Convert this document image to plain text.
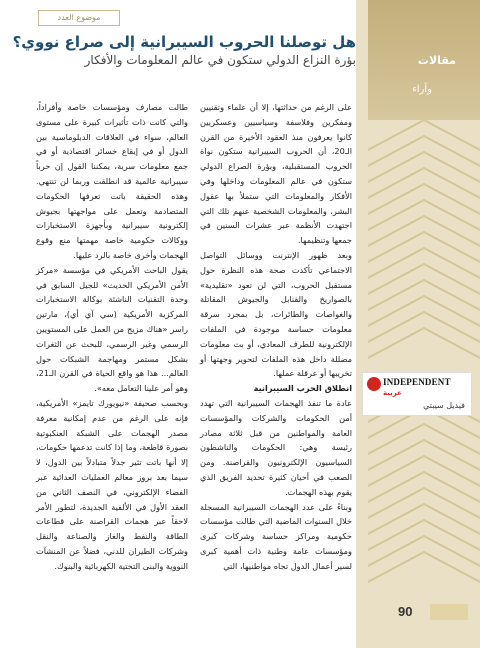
موضوع العدد
مقالات
وآراء
INDEPENDENT
عربية
فيديل سيبتي
هل توصلنا الحروب السيبرانية إلى صراع نووي؟
بؤرة النزاع الدولي ستكون في عالم المعلومات والأفكار

على الرغم من حداثتها، إلا أن علماء وتقنيين ومفكرين وفلاسفة وسياسيين وعسكريين كانوا يعرفون منذ العقود الأخيرة من القرن الـ20، أن الحروب السيبرانية ستكون نواة الحروب المستقبلية، وبؤرة الصراع الدولي ستكون في عالم المعلومات وداخلها وفي الأفكار والمعلومات التي ستملأ بها عقول البشر، والمعلومات الشخصية عنهم تلك التي اجتهدت الأنظمة عبر عشرات السنين في جمعها وتنظيمها.

وبعد ظهور الإنترنت ووسائل التواصل الاجتماعي تأكدت صحة هذه النظرة حول مستقبل الحروب، التي لن تعود «تقليدية» بالصواريخ والقنابل والجيوش المقاتلة والغواصات والطائرات، بل بمجرد سرقة معلومات حساسة موجودة في الملفات الإلكترونية للطرف المعادي، أو بث معلومات مضللة داخل هذه الملفات لتحوير وجهتها أو تخريبها أو عرقلة عملها.

انطلاق الحرب السيبرانية

عادة ما تنفذ الهجمات السيبرانية التي تهدد أمن الحكومات والشركات والمؤسسات العامة والمواطنين من قبل ثلاثة مصادر رئيسة وهي: الحكومات والناشطون السياسيون الإلكترونيون والقراصنة. ومن الصعب في أحيان كثيرة تحديد الفريق الذي يقوم بهذه الهجمات.

وبناءً على عدد الهجمات السيبرانية المسجلة خلال السنوات الماضية التي طالت مؤسسات حكومية ومراكز حساسة وشركات كبرى ومؤسسات عامة وطنية ذات أهمية كبرى لسير أعمال الدول تجاه مواطنيها، التي

طالت مصارف ومؤسسات خاصة وأفراداً، والتي كانت ذات تأثيرات كبيرة على مستوى العالم، سواء في العلاقات الدبلوماسية بين الدول أو في إيقاع خسائر اقتصادية أو في جمع معلومات سرية، يمكننا القول إن حرباً سيبرانية عالمية قد انطلقت وربما لن تنتهي. وهذه الحقيقة باتت تعرفها الحكومات المتصادمة وتعمل على مواجهتها بجيوش إلكترونية سيبرانية وبأجهزة الاستخبارات ووكالات حكومية خاصة مهمتها منع وقوع الهجمات وأخرى خاصة بالرد عليها.

يقول الباحث الأمريكي في مؤسسة «مركز الأمن الأمريكي الحديث» للجيل السابق في وحدة التقنيات الناشئة بوكالة الاستخبارات المركزية الأمريكية (سي آي أي)، مارتين راسر «هناك مزيج من العمل على المستويين الرسمي وغير الرسمي، للبحث عن الثغرات بشكل مستمر ومهاجمة الشبكات حول العالم... هذا هو واقع الحياة في القرن الـ21، وهو أمر علينا التعامل معه».

وبحسب صحيفة «نيويورك تايمز» الأمريكية، فإنه على الرغم من عدم إمكانية معرفة مصدر الهجمات على الشبكة العنكبوتية بصورة قاطعة، وما إذا كانت تدعمها حكومات، إلا أنها باتت تثير جدلاً متبادلاً بين الدول، لا سيما بعد بروز معالم العمليات العدائية عبر الفضاء الإلكتروني، في النصف الثاني من العقد الأول في الألفية الجديدة، لتطور الأمر لاحقاً عبر هجمات القراصنة على قطاعات الطاقة والنفط والغاز والصناعة والنقل وشركات الطيران للدني، فضلاً عن المنشآت النووية والبنى التحتية الكهربائية والبنوك.

90
